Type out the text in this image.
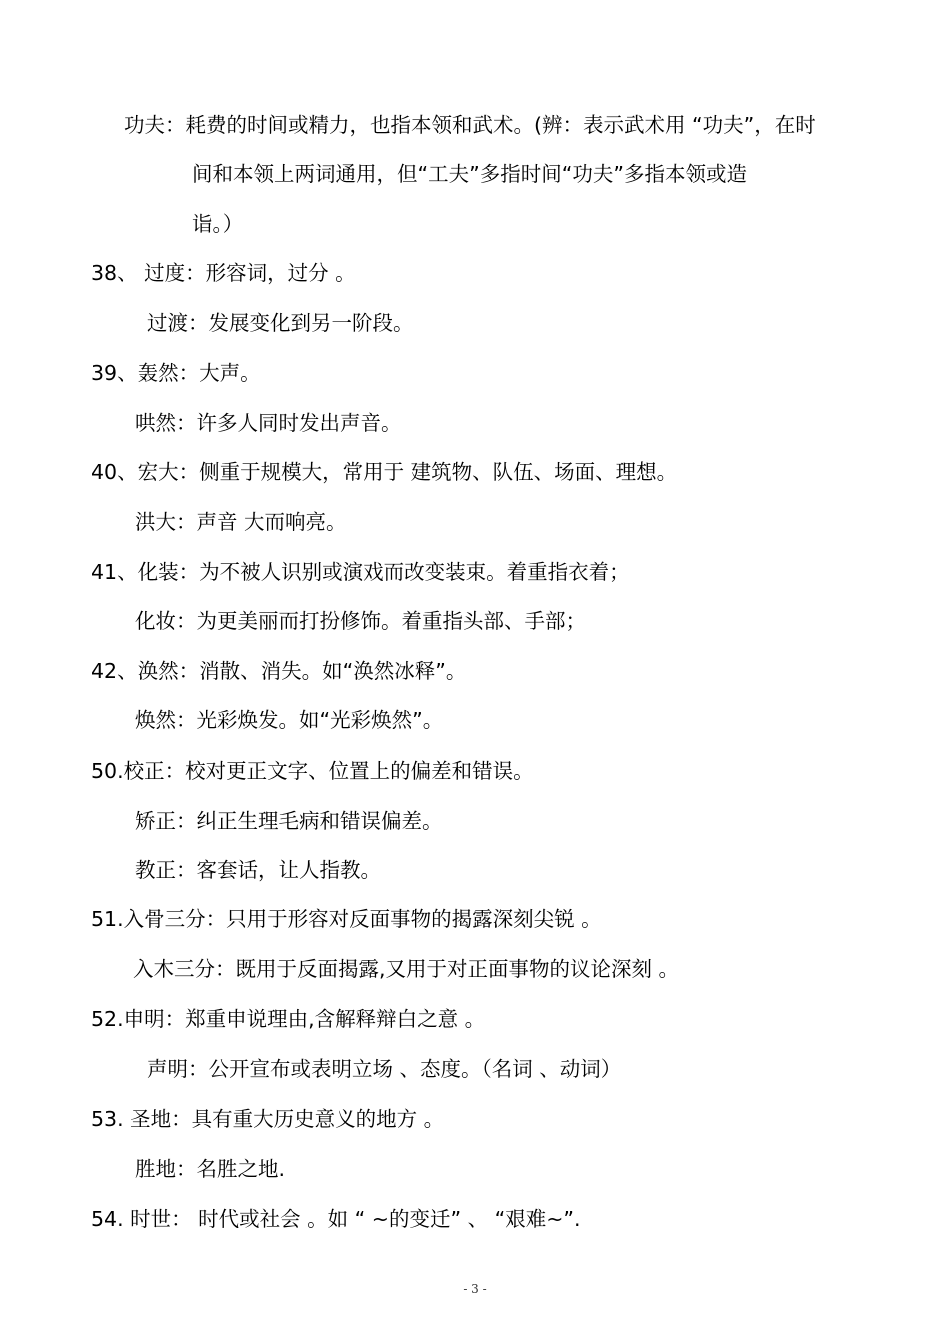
功夫：耗费的时间或精力，也指本领和武术。(辨：表示武术用 “功夫”，在时
间和本领上两词通用，但“工夫”多指时间“功夫”多指本领或造
诣。）
38、 过度：形容词，过分 。
过渡：发展变化到另一阶段。
39、轰然：大声。
哄然：许多人同时发出声音。
40、宏大：侧重于规模大，常用于 建筑物、队伍、场面、理想。
洪大：声音 大而响亮。
41、化装：为不被人识别或演戏而改变装束。着重指衣着；
化妆：为更美丽而打扮修饰。着重指头部、手部；
42、涣然：消散、消失。如“涣然冰释”。
焕然：光彩焕发。如“光彩焕然”。
50.校正：校对更正文字、位置上的偏差和错误。
矫正：纠正生理毛病和错误偏差。
教正：客套话，让人指教。
51.入骨三分：只用于形容对反面事物的揭露深刻尖锐 。
入木三分：既用于反面揭露,又用于对正面事物的议论深刻 。
52.申明：郑重申说理由,含解释辩白之意 。
声明：公开宣布或表明立场 、态度。（名词 、动词）
53. 圣地：具有重大历史意义的地方 。
胜地：名胜之地.
54. 时世： 时代或社会 。如 “ ~的变迁” 、 “艰难~”.
- 3 -
